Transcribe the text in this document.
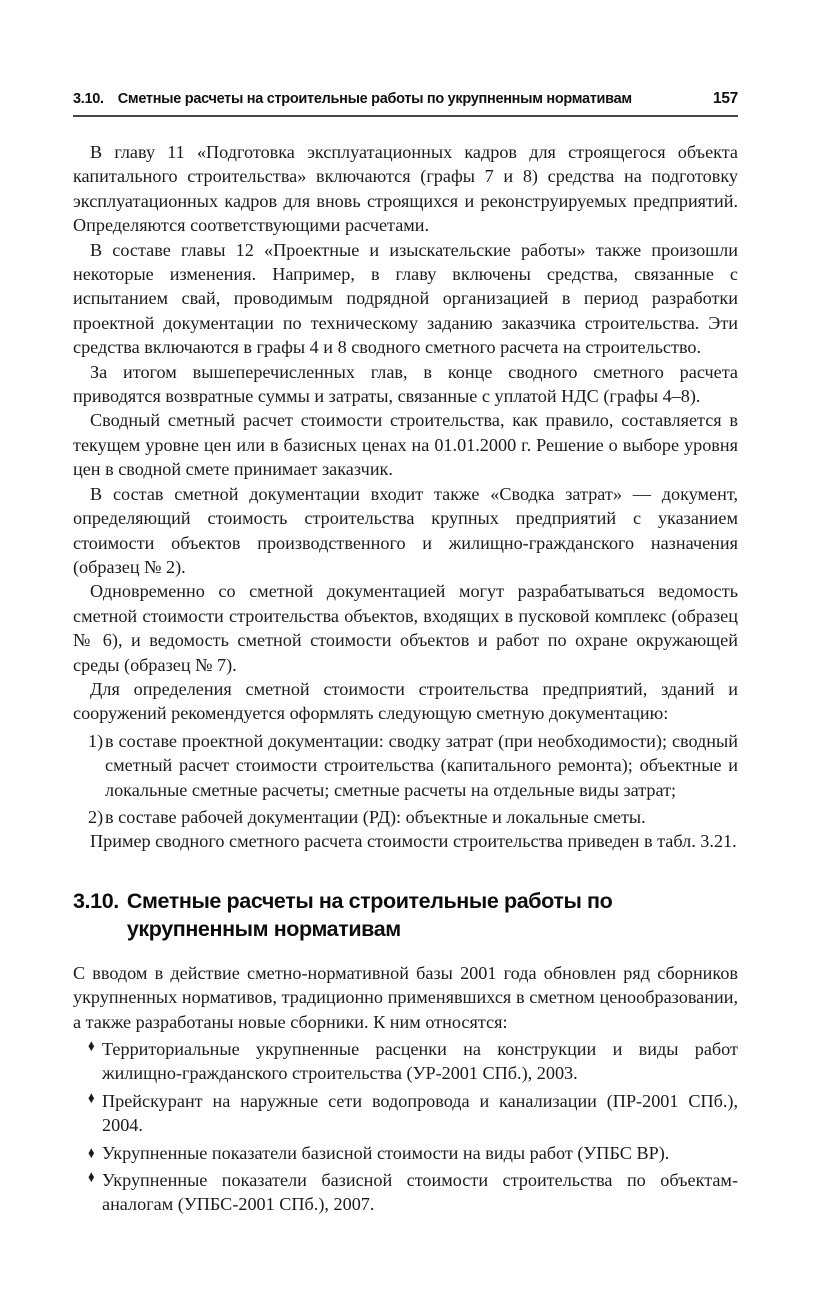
3.10. Сметные расчеты на строительные работы по укрупненным нормативам	157

В главу 11 «Подготовка эксплуатационных кадров для строящегося объекта капитального строительства» включаются (графы 7 и 8) средства на подготовку эксплуатационных кадров для вновь строящихся и реконструируемых предприятий. Определяются соответствующими расчетами.

В составе главы 12 «Проектные и изыскательские работы» также произошли некоторые изменения. Например, в главу включены средства, связанные с испытанием свай, проводимым подрядной организацией в период разработки проектной документации по техническому заданию заказчика строительства. Эти средства включаются в графы 4 и 8 сводного сметного расчета на строительство.

За итогом вышеперечисленных глав, в конце сводного сметного расчета приводятся возвратные суммы и затраты, связанные с уплатой НДС (графы 4–8).

Сводный сметный расчет стоимости строительства, как правило, составляется в текущем уровне цен или в базисных ценах на 01.01.2000 г. Решение о выборе уровня цен в сводной смете принимает заказчик.

В состав сметной документации входит также «Сводка затрат» — документ, определяющий стоимость строительства крупных предприятий с указанием стоимости объектов производственного и жилищно-гражданского назначения (образец № 2).

Одновременно со сметной документацией могут разрабатываться ведомость сметной стоимости строительства объектов, входящих в пусковой комплекс (образец № 6), и ведомость сметной стоимости объектов и работ по охране окружающей среды (образец № 7).

Для определения сметной стоимости строительства предприятий, зданий и сооружений рекомендуется оформлять следующую сметную документацию:

1) в составе проектной документации: сводку затрат (при необходимости); сводный сметный расчет стоимости строительства (капитального ремонта); объектные и локальные сметные расчеты; сметные расчеты на отдельные виды затрат;
2) в составе рабочей документации (РД): объектные и локальные сметы.

Пример сводного сметного расчета стоимости строительства приведен в табл. 3.21.

3.10. Сметные расчеты на строительные работы по укрупненным нормативам

С вводом в действие сметно-нормативной базы 2001 года обновлен ряд сборников укрупненных нормативов, традиционно применявшихся в сметном ценообразовании, а также разработаны новые сборники. К ним относятся:

♦ Территориальные укрупненные расценки на конструкции и виды работ жилищно-гражданского строительства (УР-2001 СПб.), 2003.
♦ Прейскурант на наружные сети водопровода и канализации (ПР-2001 СПб.), 2004.
♦ Укрупненные показатели базисной стоимости на виды работ (УПБС ВР).
♦ Укрупненные показатели базисной стоимости строительства по объектам-аналогам (УПБС-2001 СПб.), 2007.
